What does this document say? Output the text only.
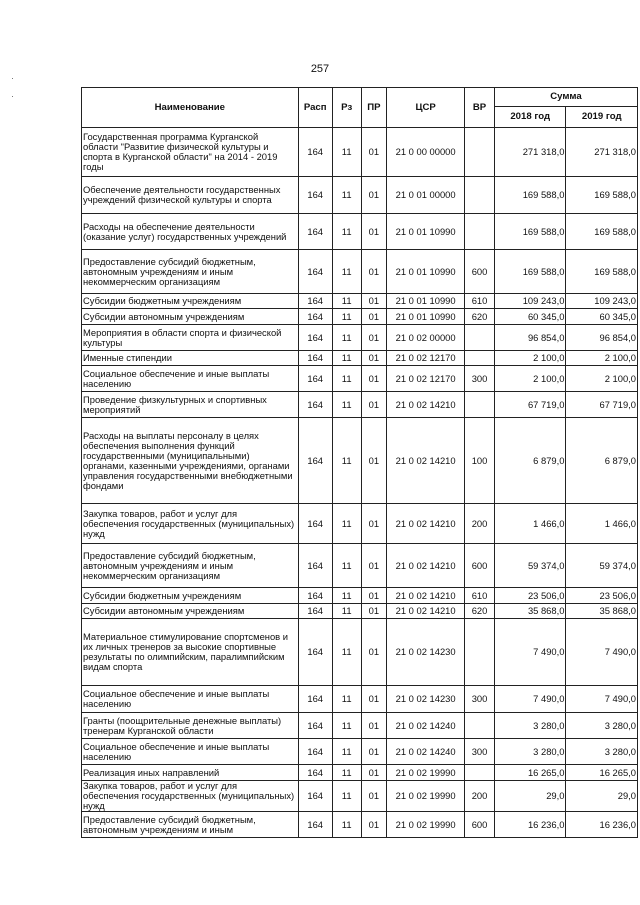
257
Наименование	Расп	Рз	ПР	ЦСР	ВР	Сумма	
						2018 год	2019 год
Государственная программа Курганской области "Развитие физической культуры и спорта в Курганской области" на 2014 - 2019 годы	164	11	01	21 0 00 00000		271 318,0	271 318,0
Обеспечение деятельности государственных учреждений физической культуры и спорта	164	11	01	21 0 01 00000		169 588,0	169 588,0
Расходы на обеспечение деятельности (оказание услуг) государственных учреждений	164	11	01	21 0 01 10990		169 588,0	169 588,0
Предоставление субсидий бюджетным, автономным учреждениям и иным некоммерческим организациям	164	11	01	21 0 01 10990	600	169 588,0	169 588,0
Субсидии бюджетным учреждениям	164	11	01	21 0 01 10990	610	109 243,0	109 243,0
Субсидии автономным учреждениям	164	11	01	21 0 01 10990	620	60 345,0	60 345,0
Мероприятия в области спорта и физической культуры	164	11	01	21 0 02 00000		96 854,0	96 854,0
Именные стипендии	164	11	01	21 0 02 12170		2 100,0	2 100,0
Социальное обеспечение и иные выплаты населению	164	11	01	21 0 02 12170	300	2 100,0	2 100,0
Проведение физкультурных и спортивных мероприятий	164	11	01	21 0 02 14210		67 719,0	67 719,0
Расходы на выплаты персоналу в целях обеспечения выполнения функций государственными (муниципальными) органами, казенными учреждениями, органами управления государственными внебюджетными фондами	164	11	01	21 0 02 14210	100	6 879,0	6 879,0
Закупка товаров, работ и услуг для обеспечения государственных (муниципальных) нужд	164	11	01	21 0 02 14210	200	1 466,0	1 466,0
Предоставление субсидий бюджетным, автономным учреждениям и иным некоммерческим организациям	164	11	01	21 0 02 14210	600	59 374,0	59 374,0
Субсидии бюджетным учреждениям	164	11	01	21 0 02 14210	610	23 506,0	23 506,0
Субсидии автономным учреждениям	164	11	01	21 0 02 14210	620	35 868,0	35 868,0
Материальное стимулирование спортсменов и их личных тренеров за высокие спортивные результаты по олимпийским, паралимпийским видам спорта	164	11	01	21 0 02 14230		7 490,0	7 490,0
Социальное обеспечение и иные выплаты населению	164	11	01	21 0 02 14230	300	7 490,0	7 490,0
Гранты (поощрительные денежные выплаты) тренерам Курганской области	164	11	01	21 0 02 14240		3 280,0	3 280,0
Социальное обеспечение и иные выплаты населению	164	11	01	21 0 02 14240	300	3 280,0	3 280,0
Реализация иных направлений	164	11	01	21 0 02 19990		16 265,0	16 265,0
Закупка товаров, работ и услуг для обеспечения государственных (муниципальных) нужд	164	11	01	21 0 02 19990	200	29,0	29,0
Предоставление субсидий бюджетным, автономным учреждениям и иным	164	11	01	21 0 02 19990	600	16 236,0	16 236,0
